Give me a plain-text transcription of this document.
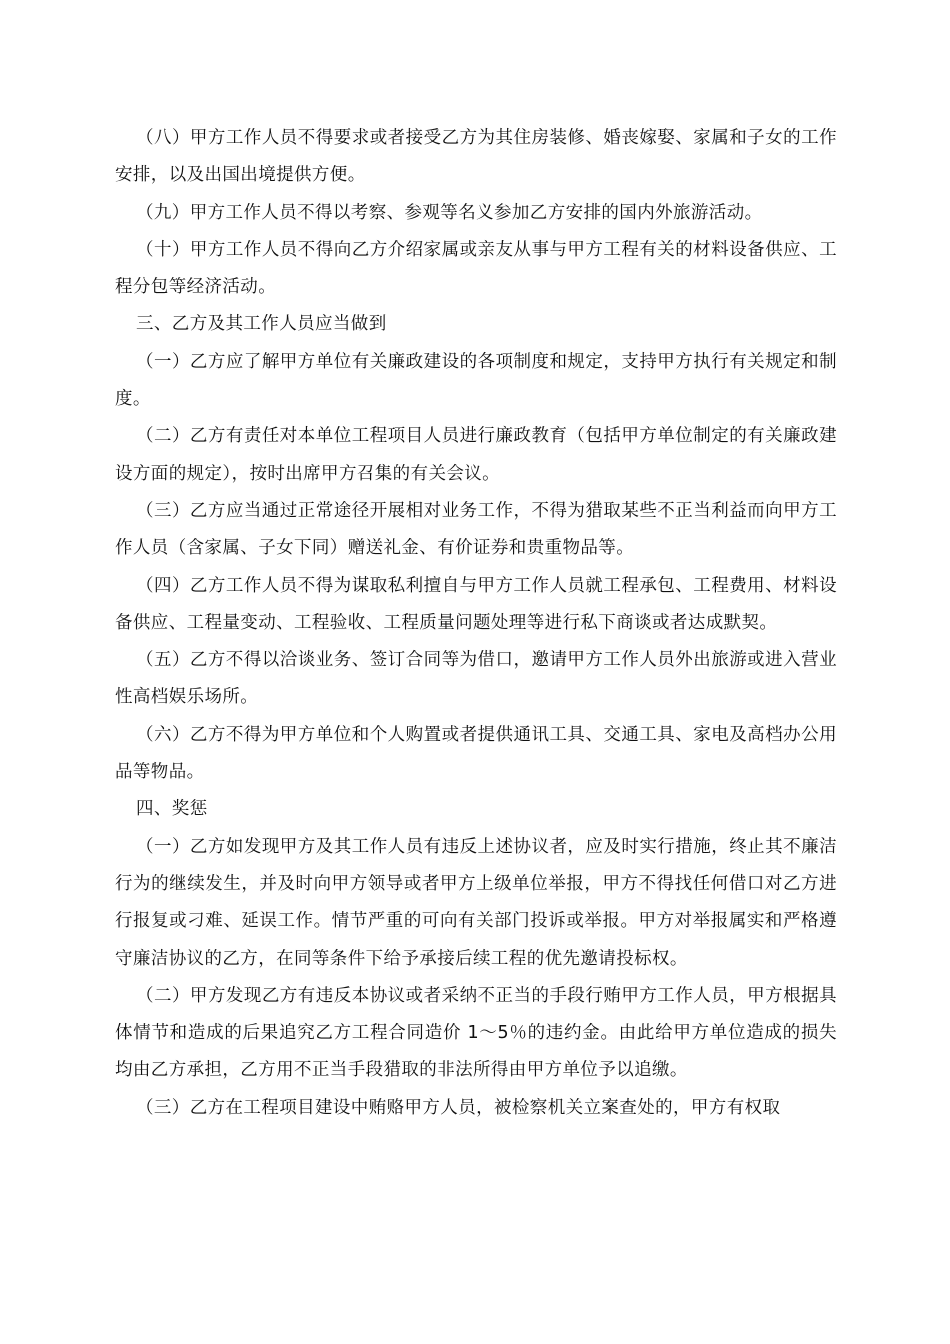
（八）甲方工作人员不得要求或者接受乙方为其住房装修、婚丧嫁娶、家属和子女的工作安排，以及出国出境提供方便。

（九）甲方工作人员不得以考察、参观等名义参加乙方安排的国内外旅游活动。

（十）甲方工作人员不得向乙方介绍家属或亲友从事与甲方工程有关的材料设备供应、工程分包等经济活动。

三、乙方及其工作人员应当做到

（一）乙方应了解甲方单位有关廉政建设的各项制度和规定，支持甲方执行有关规定和制度。

（二）乙方有责任对本单位工程项目人员进行廉政教育（包括甲方单位制定的有关廉政建设方面的规定），按时出席甲方召集的有关会议。

（三）乙方应当通过正常途径开展相对业务工作，不得为猎取某些不正当利益而向甲方工作人员（含家属、子女下同）赠送礼金、有价证券和贵重物品等。

（四）乙方工作人员不得为谋取私利擅自与甲方工作人员就工程承包、工程费用、材料设备供应、工程量变动、工程验收、工程质量问题处理等进行私下商谈或者达成默契。

（五）乙方不得以洽谈业务、签订合同等为借口，邀请甲方工作人员外出旅游或进入营业性高档娱乐场所。

（六）乙方不得为甲方单位和个人购置或者提供通讯工具、交通工具、家电及高档办公用品等物品。

四、奖惩

（一）乙方如发现甲方及其工作人员有违反上述协议者，应及时实行措施，终止其不廉洁行为的继续发生，并及时向甲方领导或者甲方上级单位举报，甲方不得找任何借口对乙方进行报复或刁难、延误工作。情节严重的可向有关部门投诉或举报。甲方对举报属实和严格遵守廉洁协议的乙方，在同等条件下给予承接后续工程的优先邀请投标权。

（二）甲方发现乙方有违反本协议或者采纳不正当的手段行贿甲方工作人员，甲方根据具体情节和造成的后果追究乙方工程合同造价 1～5％的违约金。由此给甲方单位造成的损失均由乙方承担，乙方用不正当手段猎取的非法所得由甲方单位予以追缴。

（三）乙方在工程项目建设中贿赂甲方人员，被检察机关立案查处的，甲方有权取
